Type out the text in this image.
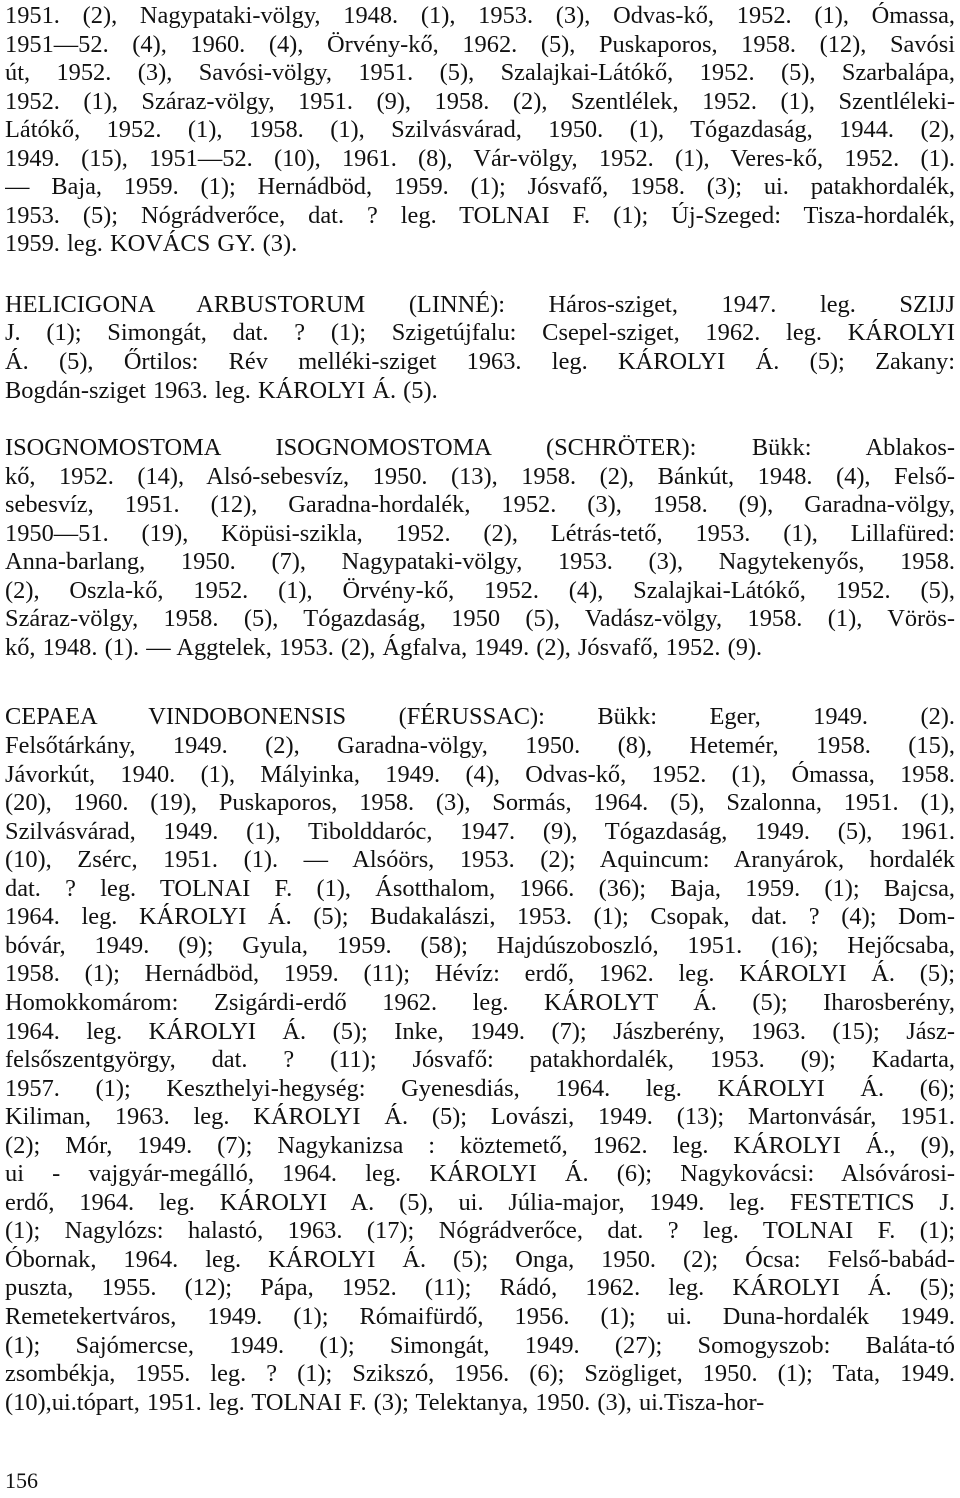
1951. (2), Nagypataki-völgy, 1948. (1), 1953. (3), Odvas-kő, 1952. (1), Ómassa,
1951—52. (4), 1960. (4), Örvény-kő, 1962. (5), Puskaporos, 1958. (12), Savósi
út, 1952. (3), Savósi-völgy, 1951. (5), Szalajkai-Látókő, 1952. (5), Szarbalápa,
1952. (1), Száraz-völgy, 1951. (9), 1958. (2), Szentlélek, 1952. (1), Szentléleki-
Látókő, 1952. (1), 1958. (1), Szilvásvárad, 1950. (1), Tógazdaság, 1944. (2),
1949. (15), 1951—52. (10), 1961. (8), Vár-völgy, 1952. (1), Veres-kő, 1952. (1).
— Baja, 1959. (1); Hernádböd, 1959. (1); Jósvafő, 1958. (3); ui. patakhordalék,
1953. (5); Nógrádverőce, dat. ? leg. TOLNAI F. (1); Új-Szeged: Tisza-hordalék,
1959. leg. KOVÁCS GY. (3).
HELICIGONA ARBUSTORUM (LINNÉ): Háros-sziget, 1947. leg. SZIJJ
J. (1); Simongát, dat. ? (1); Szigetújfalu: Csepel-sziget, 1962. leg. KÁROLYI
Á. (5), Őrtilos: Rév melléki-sziget 1963. leg. KÁROLYI Á. (5); Zakany:
Bogdán-sziget 1963. leg. KÁROLYI Á. (5).
ISOGNOMOSTOMA ISOGNOMOSTOMA (SCHRÖTER): Bükk: Ablakos-
kő, 1952. (14), Alsó-sebesvíz, 1950. (13), 1958. (2), Bánkút, 1948. (4), Felső-
sebesvíz, 1951. (12), Garadna-hordalék, 1952. (3), 1958. (9), Garadna-völgy,
1950—51. (19), Köpüsi-szikla, 1952. (2), Létrás-tető, 1953. (1), Lillafüred:
Anna-barlang, 1950. (7), Nagypataki-völgy, 1953. (3), Nagytekenyős, 1958.
(2), Oszla-kő, 1952. (1), Örvény-kő, 1952. (4), Szalajkai-Látókő, 1952. (5),
Száraz-völgy, 1958. (5), Tógazdaság, 1950 (5), Vadász-völgy, 1958. (1), Vörös-
kő, 1948. (1). — Aggtelek, 1953. (2), Ágfalva, 1949. (2), Jósvafő, 1952. (9).
CEPAEA VINDOBONENSIS (FÉRUSSAC): Bükk: Eger, 1949. (2).
Felsőtárkány, 1949. (2), Garadna-völgy, 1950. (8), Hetemér, 1958. (15),
Jávorkút, 1940. (1), Mályinka, 1949. (4), Odvas-kő, 1952. (1), Ómassa, 1958.
(20), 1960. (19), Puskaporos, 1958. (3), Sormás, 1964. (5), Szalonna, 1951. (1),
Szilvásvárad, 1949. (1), Tibolddaróc, 1947. (9), Tógazdaság, 1949. (5), 1961.
(10), Zsérc, 1951. (1). — Alsóörs, 1953. (2); Aquincum: Aranyárok, hordalék
dat. ? leg. TOLNAI F. (1), Ásotthalom, 1966. (36); Baja, 1959. (1); Bajcsa,
1964. leg. KÁROLYI Á. (5); Budakalászi, 1953. (1); Csopak, dat. ? (4); Dom-
bóvár, 1949. (9); Gyula, 1959. (58); Hajdúszoboszló, 1951. (16); Hejőcsaba,
1958. (1); Hernádböd, 1959. (11); Hévíz: erdő, 1962. leg. KÁROLYI Á. (5);
Homokkomárom: Zsigárdi-erdő 1962. leg. KÁROLYT Á. (5); Iharosberény,
1964. leg. KÁROLYI Á. (5); Inke, 1949. (7); Jászberény, 1963. (15); Jász-
felsőszentgyörgy, dat. ? (11); Jósvafő: patakhordalék, 1953. (9); Kadarta,
1957. (1); Keszthelyi-hegység: Gyenesdiás, 1964. leg. KÁROLYI Á. (6);
Kiliman, 1963. leg. KÁROLYI Á. (5); Lovászi, 1949. (13); Martonvásár, 1951.
(2); Mór, 1949. (7); Nagykanizsa : köztemető, 1962. leg. KÁROLYI Á., (9),
ui - vajgyár-megálló, 1964. leg. KÁROLYI Á. (6); Nagykovácsi: Alsóvárosi-
erdő, 1964. leg. KÁROLYI A. (5), ui. Júlia-major, 1949. leg. FESTETICS J.
(1); Nagylózs: halastó, 1963. (17); Nógrádverőce, dat. ? leg. TOLNAI F. (1);
Óbornak, 1964. leg. KÁROLYI Á. (5); Onga, 1950. (2); Ócsa: Felső-babád-
puszta, 1955. (12); Pápa, 1952. (11); Rádó, 1962. leg. KÁROLYI Á. (5);
Remetekertváros, 1949. (1); Rómaifürdő, 1956. (1); ui. Duna-hordalék 1949.
(1); Sajómercse, 1949. (1); Simongát, 1949. (27); Somogyszob: Baláta-tó
zsombékja, 1955. leg. ? (1); Szikszó, 1956. (6); Szögliget, 1950. (1); Tata, 1949.
(10),ui.tópart, 1951. leg. TOLNAI F. (3); Telektanya, 1950. (3), ui.Tisza-hor-
156
